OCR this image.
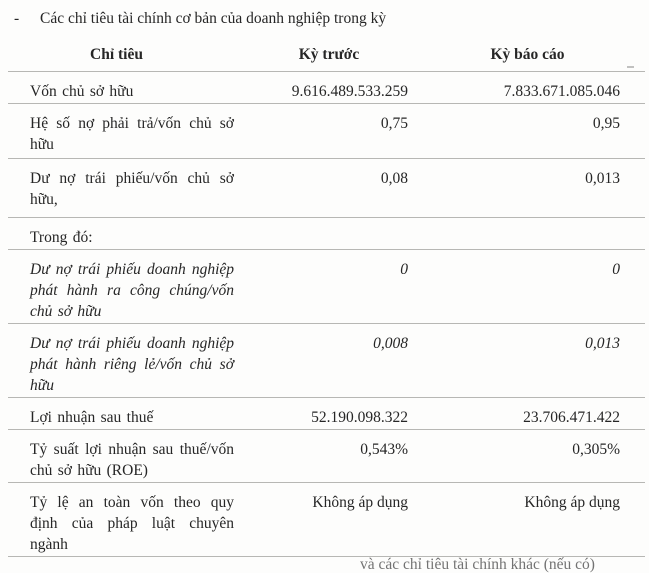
-	Các chỉ tiêu tài chính cơ bản của doanh nghiệp trong kỳ
Chỉ tiêu	Kỳ trước	Kỳ báo cáo
Vốn chủ sở hữu	9.616.489.533.259	7.833.671.085.046
Hệ số nợ phải trả/vốn chủ sở hữu	0,75	0,95
Dư nợ trái phiếu/vốn chủ sở hữu,	0,08	0,013
Trong đó:		
Dư nợ trái phiếu doanh nghiệp phát hành ra công chúng/vốn chủ sở hữu	0	0
Dư nợ trái phiếu doanh nghiệp phát hành riêng lẻ/vốn chủ sở hữu	0,008	0,013
Lợi nhuận sau thuế	52.190.098.322	23.706.471.422
Tỷ suất lợi nhuận sau thuế/vốn chủ sở hữu (ROE)	0,543%	0,305%
Tỷ lệ an toàn vốn theo quy định của pháp luật chuyên ngành	Không áp dụng	Không áp dụng
và các chỉ tiêu tài chính khác (nếu có)
